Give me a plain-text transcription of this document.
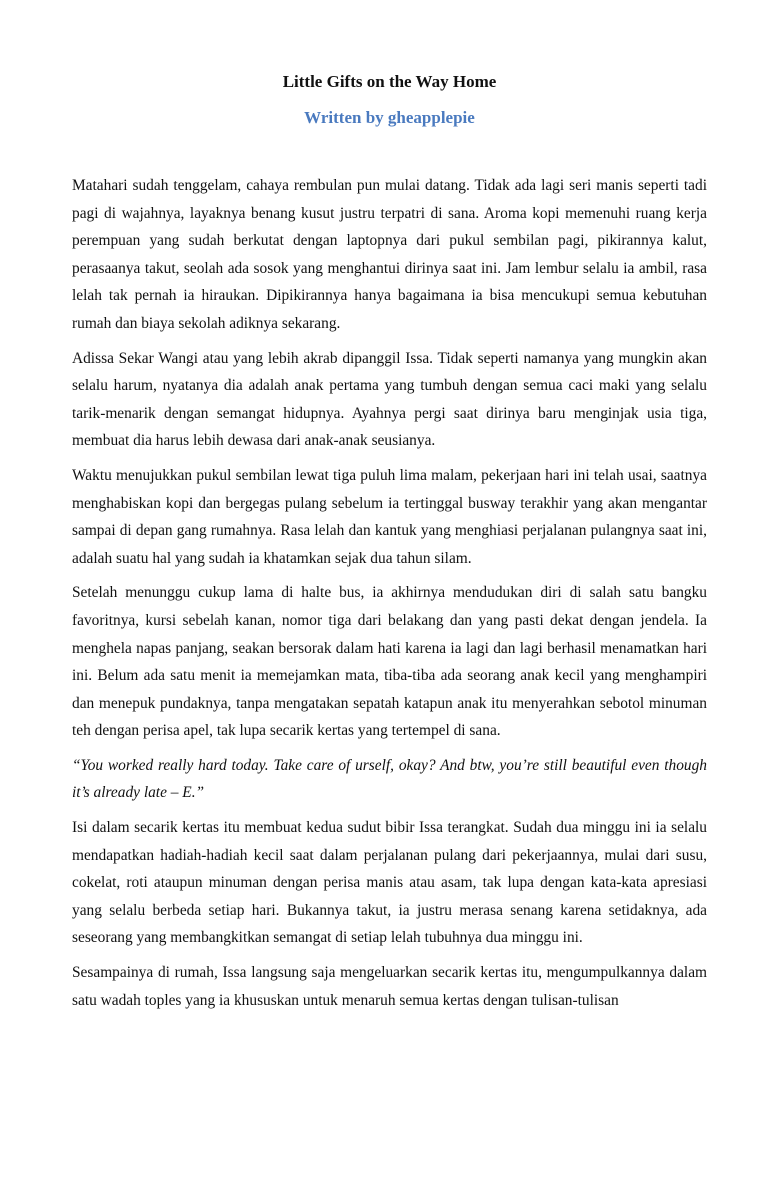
Little Gifts on the Way Home
Written by gheapplepie

Matahari sudah tenggelam, cahaya rembulan pun mulai datang. Tidak ada lagi seri manis seperti tadi pagi di wajahnya, layaknya benang kusut justru terpatri di sana. Aroma kopi memenuhi ruang kerja perempuan yang sudah berkutat dengan laptopnya dari pukul sembilan pagi, pikirannya kalut, perasaanya takut, seolah ada sosok yang menghantui dirinya saat ini. Jam lembur selalu ia ambil, rasa lelah tak pernah ia hiraukan. Dipikirannya hanya bagaimana ia bisa mencukupi semua kebutuhan rumah dan biaya sekolah adiknya sekarang.

Adissa Sekar Wangi atau yang lebih akrab dipanggil Issa. Tidak seperti namanya yang mungkin akan selalu harum, nyatanya dia adalah anak pertama yang tumbuh dengan semua caci maki yang selalu tarik-menarik dengan semangat hidupnya. Ayahnya pergi saat dirinya baru menginjak usia tiga, membuat dia harus lebih dewasa dari anak-anak seusianya.

Waktu menujukkan pukul sembilan lewat tiga puluh lima malam, pekerjaan hari ini telah usai, saatnya menghabiskan kopi dan bergegas pulang sebelum ia tertinggal busway terakhir yang akan mengantar sampai di depan gang rumahnya. Rasa lelah dan kantuk yang menghiasi perjalanan pulangnya saat ini, adalah suatu hal yang sudah ia khatamkan sejak dua tahun silam.

Setelah menunggu cukup lama di halte bus, ia akhirnya mendudukan diri di salah satu bangku favoritnya, kursi sebelah kanan, nomor tiga dari belakang dan yang pasti dekat dengan jendela. Ia menghela napas panjang, seakan bersorak dalam hati karena ia lagi dan lagi berhasil menamatkan hari ini. Belum ada satu menit ia memejamkan mata, tiba-tiba ada seorang anak kecil yang menghampiri dan menepuk pundaknya, tanpa mengatakan sepatah katapun anak itu menyerahkan sebotol minuman teh dengan perisa apel, tak lupa secarik kertas yang tertempel di sana.

“You worked really hard today. Take care of urself, okay? And btw, you’re still beautiful even though it’s already late – E.”

Isi dalam secarik kertas itu membuat kedua sudut bibir Issa terangkat. Sudah dua minggu ini ia selalu mendapatkan hadiah-hadiah kecil saat dalam perjalanan pulang dari pekerjaannya, mulai dari susu, cokelat, roti ataupun minuman dengan perisa manis atau asam, tak lupa dengan kata-kata apresiasi yang selalu berbeda setiap hari. Bukannya takut, ia justru merasa senang karena setidaknya, ada seseorang yang membangkitkan semangat di setiap lelah tubuhnya dua minggu ini.

Sesampainya di rumah, Issa langsung saja mengeluarkan secarik kertas itu, mengumpulkannya dalam satu wadah toples yang ia khususkan untuk menaruh semua kertas dengan tulisan-tulisan
